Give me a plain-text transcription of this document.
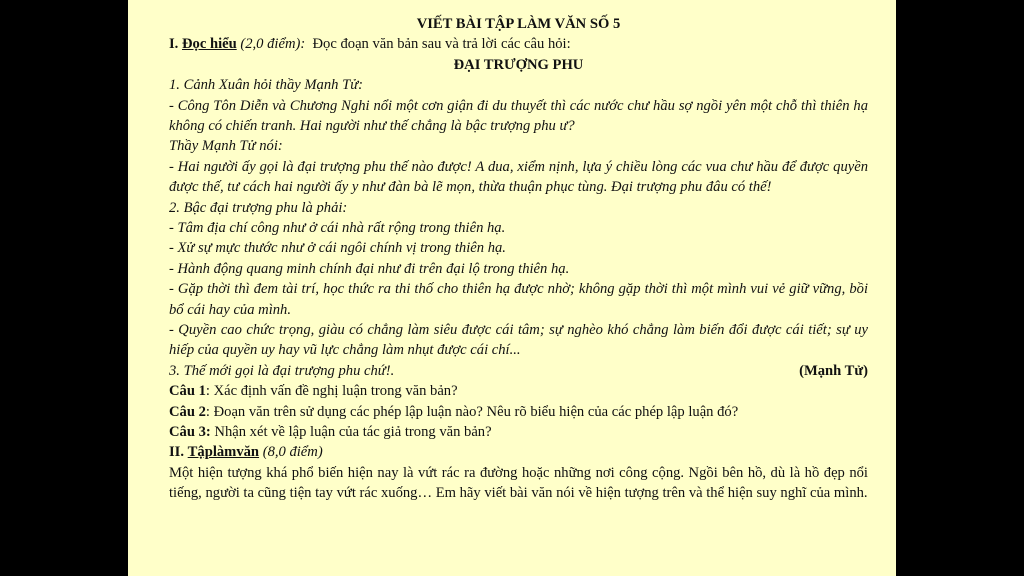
VIẾT BÀI TẬP LÀM VĂN SỐ 5
I. Đọc hiểu (2,0 điểm): Đọc đoạn văn bản sau và trả lời các câu hỏi:
ĐẠI TRƯỢNG PHU
1. Cảnh Xuân hỏi thầy Mạnh Tử:
- Công Tôn Diễn và Chương Nghi nổi một cơn giận đi du thuyết thì các nước chư hầu sợ ngồi yên một chỗ thì thiên hạ không có chiến tranh. Hai người như thế chẳng là bậc trượng phu ư?
Thầy Mạnh Tử nói:
- Hai người ấy gọi là đại trượng phu thế nào được! A dua, xiểm nịnh, lựa ý chiều lòng các vua chư hầu để được quyền được thế, tư cách hai người ấy y như đàn bà lẽ mọn, thừa thuận phục tùng. Đại trượng phu đâu có thế!
2. Bậc đại trượng phu là phải:
- Tâm địa chí công như ở cái nhà rất rộng trong thiên hạ.
- Xử sự mực thước như ở cái ngôi chính vị trong thiên hạ.
- Hành động quang minh chính đại như đi trên đại lộ trong thiên hạ.
- Gặp thời thì đem tài trí, học thức ra thi thố cho thiên hạ được nhờ; không gặp thời thì một mình vui vẻ giữ vững, bồi bổ cái hay của mình.
- Quyền cao chức trọng, giàu có chẳng làm siêu được cái tâm; sự nghèo khó chẳng làm biến đổi được cái tiết; sự uy hiếp của quyền uy hay vũ lực chẳng làm nhụt được cái chí...
3. Thế mới gọi là đại trượng phu chứ!.	(Mạnh Tử)
Câu 1: Xác định vấn đề nghị luận trong văn bản?
Câu 2: Đoạn văn trên sử dụng các phép lập luận nào? Nêu rõ biểu hiện của các phép lập luận đó?
Câu 3: Nhận xét về lập luận của tác giả trong văn bản?
II. Tậplàmvăn (8,0 điểm)
Một hiện tượng khá phổ biến hiện nay là vứt rác ra đường hoặc những nơi công cộng. Ngồi bên hồ, dù là hồ đẹp nổi tiếng, người ta cũng tiện tay vứt rác xuống… Em hãy viết bài văn nói về hiện tượng trên và thể hiện suy nghĩ của mình.
